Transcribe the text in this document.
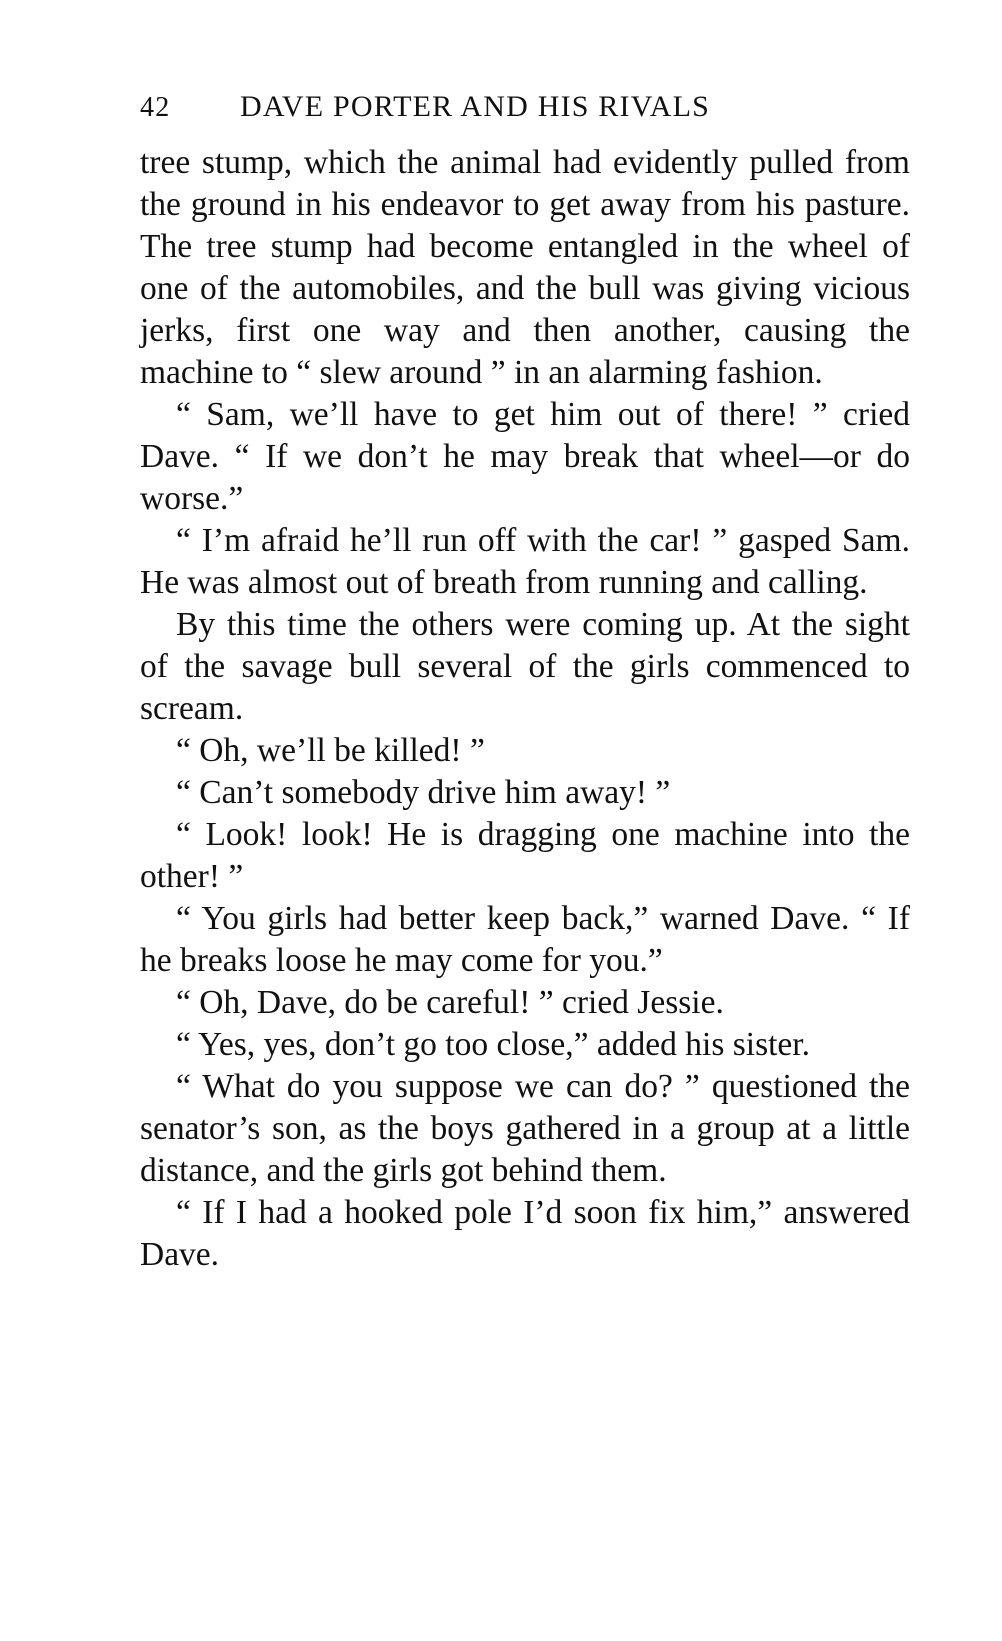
42	DAVE PORTER AND HIS RIVALS

tree stump, which the animal had evidently pulled from the ground in his endeavor to get away from his pasture. The tree stump had become entangled in the wheel of one of the automobiles, and the bull was giving vicious jerks, first one way and then another, causing the machine to “ slew around ” in an alarming fashion.

“ Sam, we’ll have to get him out of there! ” cried Dave. “ If we don’t he may break that wheel—or do worse.”

“ I’m afraid he’ll run off with the car! ” gasped Sam. He was almost out of breath from running and calling.

By this time the others were coming up. At the sight of the savage bull several of the girls commenced to scream.

“ Oh, we’ll be killed! ”

“ Can’t somebody drive him away! ”

“ Look! look! He is dragging one machine into the other! ”

“ You girls had better keep back,” warned Dave. “ If he breaks loose he may come for you.”

“ Oh, Dave, do be careful! ” cried Jessie.

“ Yes, yes, don’t go too close,” added his sister.

“ What do you suppose we can do? ” questioned the senator’s son, as the boys gathered in a group at a little distance, and the girls got behind them.

“ If I had a hooked pole I’d soon fix him,” answered Dave.
